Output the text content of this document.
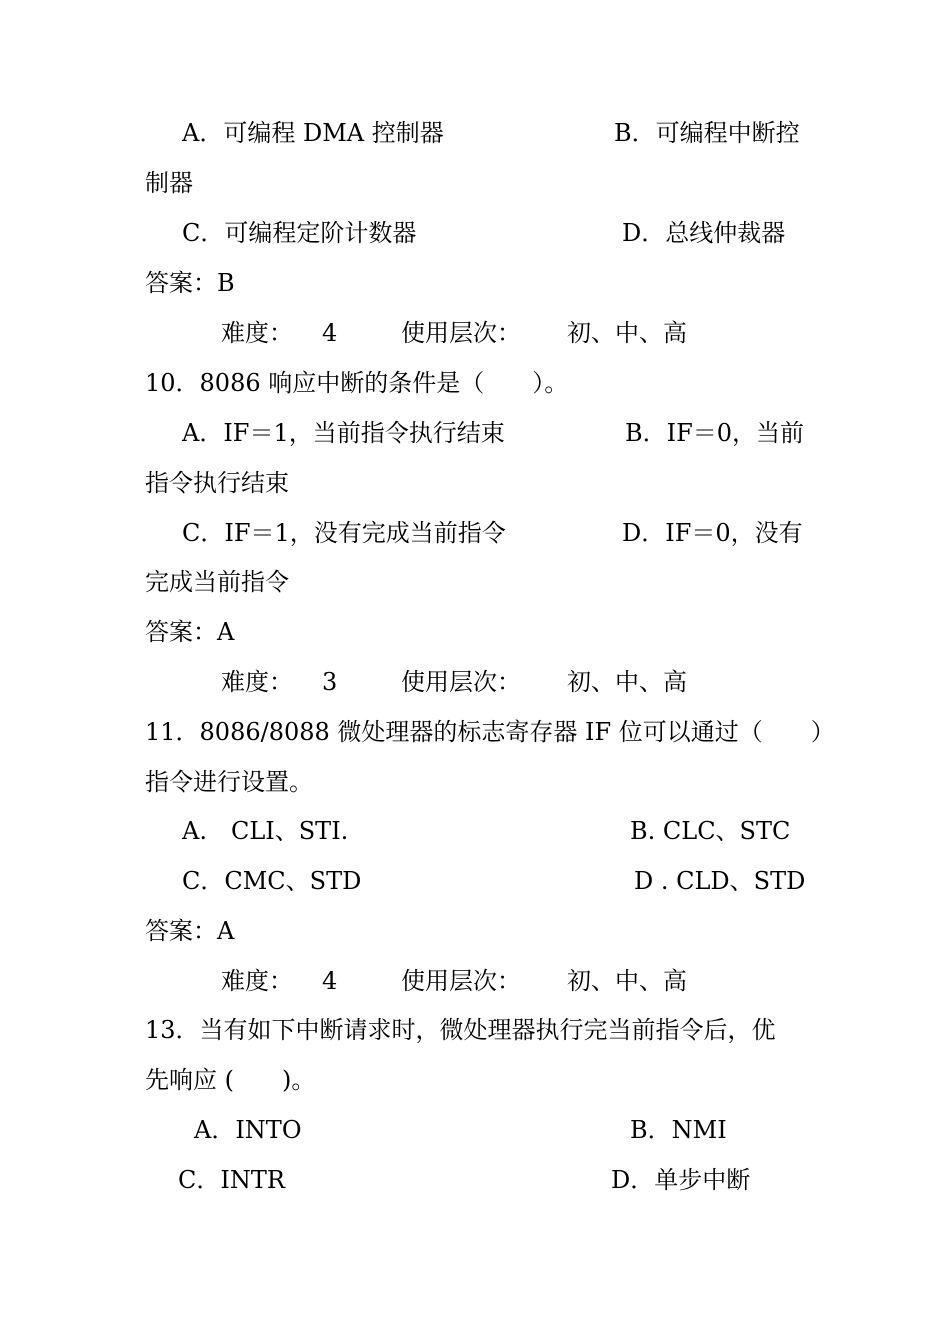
A．可编程 DMA 控制器	B．可编程中断控
制器
C．可编程定阶计数器	D．总线仲裁器
答案：B
难度： 4	使用层次： 初、中、高
10．8086 响应中断的条件是（　　）。
A．IF＝1，当前指令执行结束	B．IF＝0，当前
指令执行结束
C．IF＝1，没有完成当前指令	D．IF＝0，没有
完成当前指令
答案：A
难度： 3	使用层次： 初、中、高
11．8086/8088 微处理器的标志寄存器 IF 位可以通过（　　）
指令进行设置。
A.　CLI、STI.	B. CLC、STC
C．CMC、STD	D . CLD、STD
答案：A
难度： 4	使用层次： 初、中、高
13．当有如下中断请求时，微处理器执行完当前指令后，优
先响应 (　　)。
A．INTO	B．NMI
C．INTR	D．单步中断
